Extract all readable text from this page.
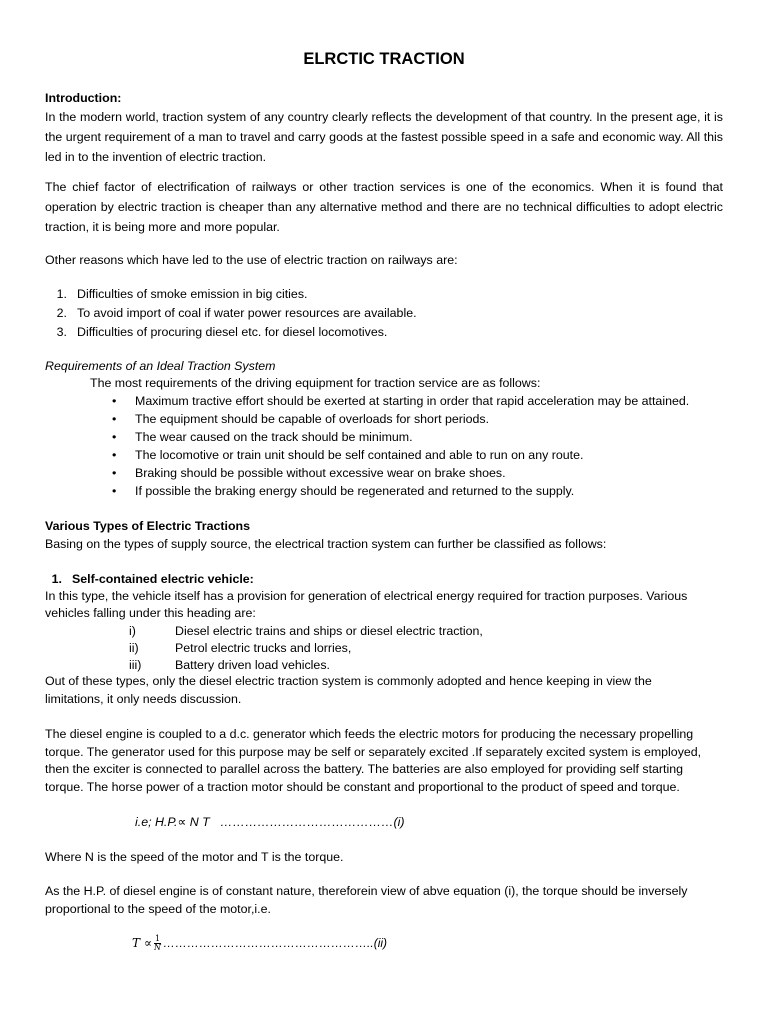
ELRCTIC TRACTION
Introduction:
In the modern world, traction system of any country clearly reflects the development of that country. In the present age, it is the urgent requirement of a man to travel and carry goods at the fastest possible speed in a safe and economic way. All this led in to the invention of electric traction.
The chief factor of electrification of railways or other traction services is one of the economics. When it is found that operation by electric traction is cheaper than any alternative method and there are no technical difficulties to adopt electric traction, it is being more and more popular.
Other reasons which have led to the use of electric traction on railways are:
1. Difficulties of smoke emission in big cities.
2. To avoid import of coal if water power resources are available.
3. Difficulties of procuring diesel etc. for diesel locomotives.
Requirements of an Ideal Traction System
The most requirements of the driving equipment for traction service are as follows:
• Maximum tractive effort should be exerted at starting in order that rapid acceleration may be attained.
• The equipment should be capable of overloads for short periods.
• The wear caused on the track should be minimum.
• The locomotive or train unit should be self contained and able to run on any route.
• Braking should be possible without excessive wear on brake shoes.
• If possible the braking energy should be regenerated and returned to the supply.
Various Types of Electric Tractions
Basing on the types of supply source, the electrical traction system can further be classified as follows:
1. Self-contained electric vehicle:
In this type, the vehicle itself has a provision for generation of electrical energy required for traction purposes. Various
vehicles falling under this heading are:
i)	Diesel electric trains and ships or diesel electric traction,
ii)	Petrol electric trucks and lorries,
iii)	Battery driven load vehicles.
Out of these types, only the diesel electric traction system is commonly adopted and hence keeping in view the limitations, it only needs discussion.
The diesel engine is coupled to a d.c. generator which feeds the electric motors for producing the necessary propelling torque. The generator used for this purpose may be self or separately excited .If separately excited system is employed, then the exciter is connected to parallel across the battery. The batteries are also employed for providing self starting torque. The horse power of a traction motor should be constant and proportional to the product of speed and torque.
i.e; H.P.∝ N T   ……………………………………(i)
Where N is the speed of the motor and T is the torque.
As the H.P. of diesel engine is of constant nature, thereforein view of abve equation (i), the torque should be inversely proportional to the speed of the motor,i.e.
$T \propto \frac{1}{N}$ ……………………………………………..(ii)
